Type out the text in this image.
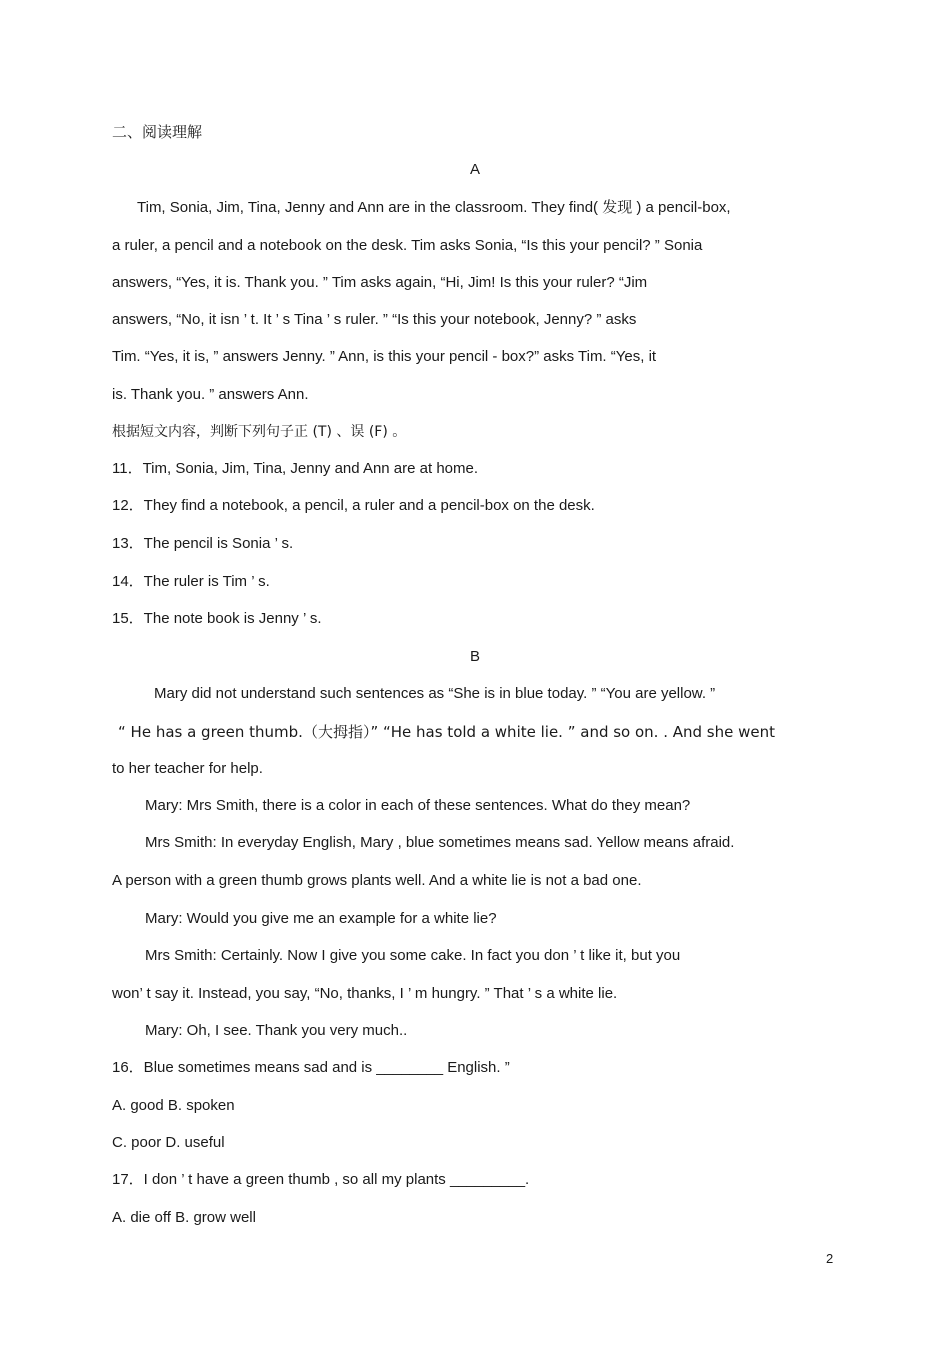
二、阅读理解
A
Tim, Sonia, Jim, Tina, Jenny and Ann are in the classroom. They find( 发现 ) a pencil-box,
a ruler, a pencil and a notebook on the desk. Tim asks Sonia, “Is this your pencil? ” Sonia
answers, “Yes, it is. Thank you. ” Tim asks again, “Hi, Jim! Is this your ruler? “Jim
answers, “No, it isn ’ t. It ’ s Tina ’ s ruler. ” “Is this your notebook, Jenny? ” asks
Tim. “Yes, it is, ” answers Jenny. ” Ann, is this your pencil - box?” asks Tim. “Yes, it
is. Thank you. ” answers Ann.
根据短文内容，判断下列句子正 (T) 、误 (F) 。
11．Tim, Sonia, Jim, Tina, Jenny and Ann are at home.
12．They find a notebook, a pencil, a ruler and a pencil-box on the desk.
13．The pencil is Sonia ’ s.
14．The ruler is Tim ’ s.
15．The note book is Jenny ’ s.
B
Mary did not understand such sentences as “She is in blue today. ” “You are yellow. ”
“ He has a green thumb.（大拇指）” “He has told a white lie. ” and so on. . And she went
to her teacher for help.
Mary: Mrs Smith, there is a color in each of these sentences. What do they mean?
Mrs Smith: In everyday English, Mary , blue sometimes means sad. Yellow means afraid.
A person with a green thumb grows plants well. And a white lie is not a bad one.
Mary: Would you give me an example for a white lie?
Mrs Smith: Certainly. Now I give you some cake. In fact you don ’ t like it, but you
won’ t say it. Instead, you say, “No, thanks, I ’ m hungry. ” That ’ s a white lie.
Mary: Oh, I see. Thank you very much..
16．Blue sometimes means sad and is ________ English. ”
A. good B. spoken
C. poor D. useful
17．I don ’ t have a green thumb , so all my plants _________.
A. die off B. grow well
2
